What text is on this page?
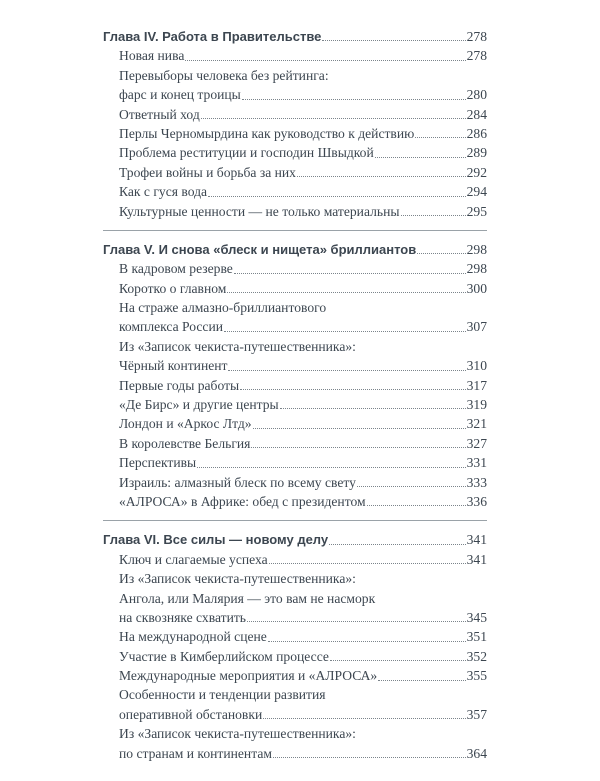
Глава IV. Работа в Правительстве	278
Новая нива	278
Перевыборы человека без рейтинга:
фарс и конец троицы	280
Ответный ход	284
Перлы Черномырдина как руководство к действию	286
Проблема реституции и господин Швыдкой	289
Трофеи войны и борьба за них	292
Как с гуся вода	294
Культурные ценности — не только материальны	295
Глава V. И снова «блеск и нищета» бриллиантов	298
В кадровом резерве	298
Коротко о главном	300
На страже алмазно-бриллиантового
комплекса России	307
Из «Записок чекиста-путешественника»:
Чёрный континент	310
Первые годы работы	317
«Де Бирс» и другие центры	319
Лондон и «Аркос Лтд»	321
В королевстве Бельгия	327
Перспективы	331
Израиль: алмазный блеск по всему свету	333
«АЛРОСА» в Африке: обед с президентом	336
Глава VI. Все силы — новому делу	341
Ключ и слагаемые успеха	341
Из «Записок чекиста-путешественника»:
Ангола, или Малярия — это вам не насморк
на сквозняке схватить	345
На международной сцене	351
Участие в Кимберлийском процессе	352
Международные мероприятия и «АЛРОСА»	355
Особенности и тенденции развития
оперативной обстановки	357
Из «Записок чекиста-путешественника»:
по странам и континентам	364
